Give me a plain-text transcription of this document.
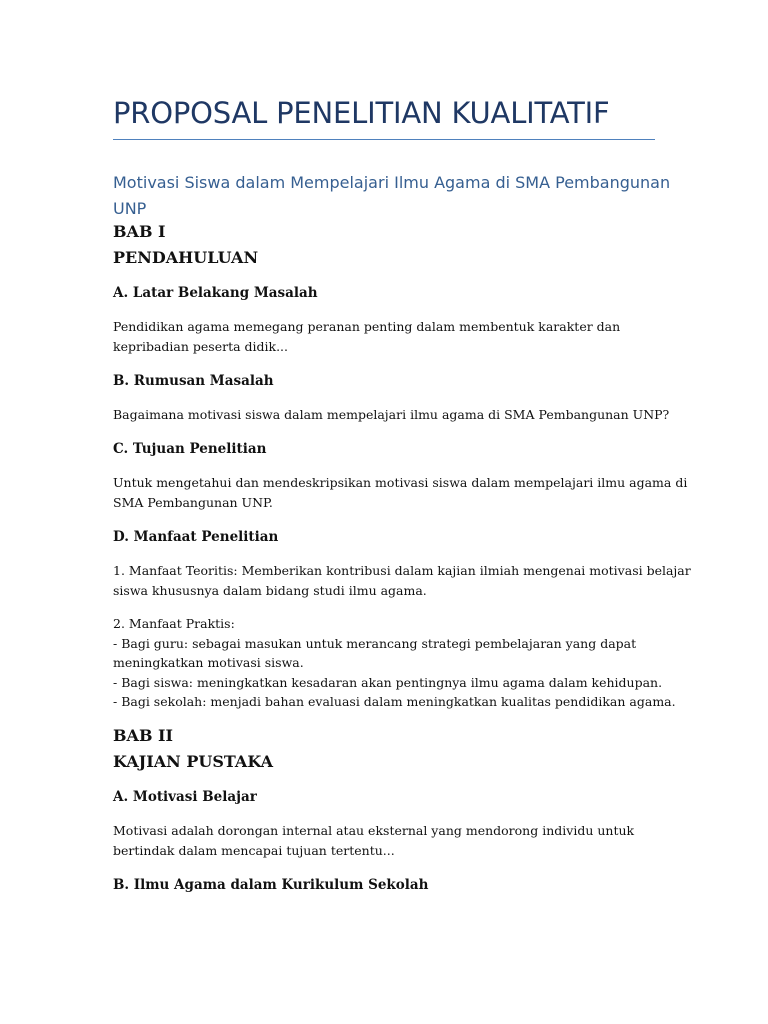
PROPOSAL PENELITIAN KUALITATIF
Motivasi Siswa dalam Mempelajari Ilmu Agama di SMA Pembangunan
UNP
BAB I
PENDAHULUAN
A. Latar Belakang Masalah
Pendidikan agama memegang peranan penting dalam membentuk karakter dan
kepribadian peserta didik...
B. Rumusan Masalah
Bagaimana motivasi siswa dalam mempelajari ilmu agama di SMA Pembangunan UNP?
C. Tujuan Penelitian
Untuk mengetahui dan mendeskripsikan motivasi siswa dalam mempelajari ilmu agama di
SMA Pembangunan UNP.
D. Manfaat Penelitian
1. Manfaat Teoritis: Memberikan kontribusi dalam kajian ilmiah mengenai motivasi belajar
siswa khususnya dalam bidang studi ilmu agama.
2. Manfaat Praktis:
- Bagi guru: sebagai masukan untuk merancang strategi pembelajaran yang dapat
meningkatkan motivasi siswa.
- Bagi siswa: meningkatkan kesadaran akan pentingnya ilmu agama dalam kehidupan.
- Bagi sekolah: menjadi bahan evaluasi dalam meningkatkan kualitas pendidikan agama.
BAB II
KAJIAN PUSTAKA
A. Motivasi Belajar
Motivasi adalah dorongan internal atau eksternal yang mendorong individu untuk
bertindak dalam mencapai tujuan tertentu...
B. Ilmu Agama dalam Kurikulum Sekolah
